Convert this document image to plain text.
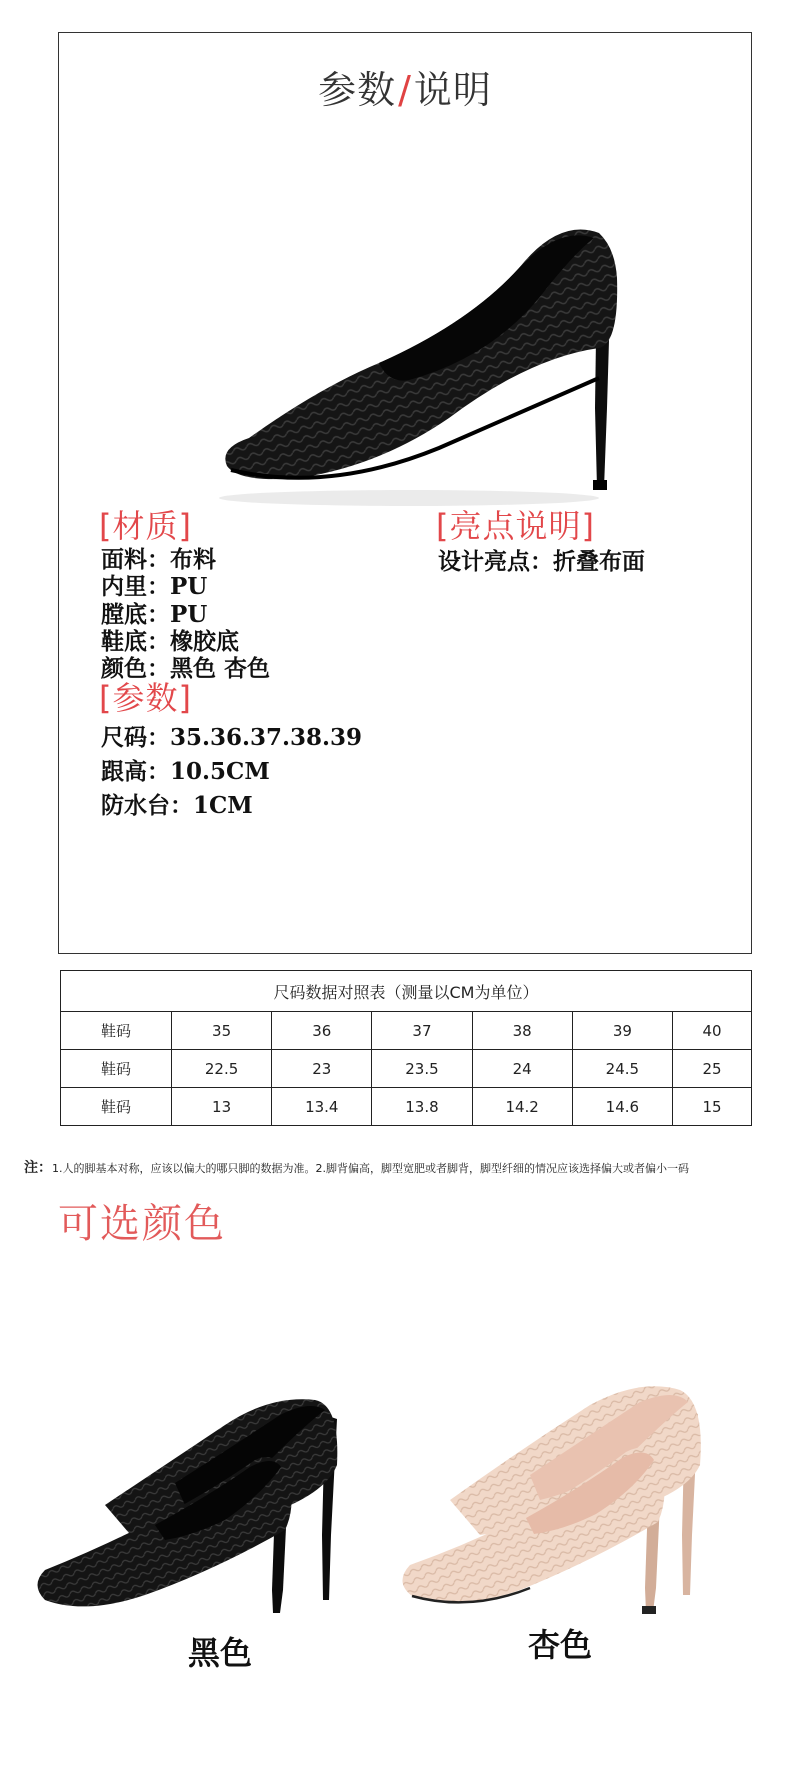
参数/说明
[材质]
面料：布料
内里：PU
膛底：PU
鞋底：橡胶底
颜色：黑色 杏色
[亮点说明]
设计亮点：折叠布面
[参数]
尺码：35.36.37.38.39
跟高：10.5CM
防水台：1CM
尺码数据对照表（测量以CM为单位）						
鞋码	35	36	37	38	39	40
鞋码	22.5	23	23.5	24	24.5	25
鞋码	13	13.4	13.8	14.2	14.6	15
注：1.人的脚基本对称，应该以偏大的哪只脚的数据为准。2.脚背偏高，脚型宽肥或者脚背，脚型纤细的情况应该选择偏大或者偏小一码
可选颜色
黑色	杏色
